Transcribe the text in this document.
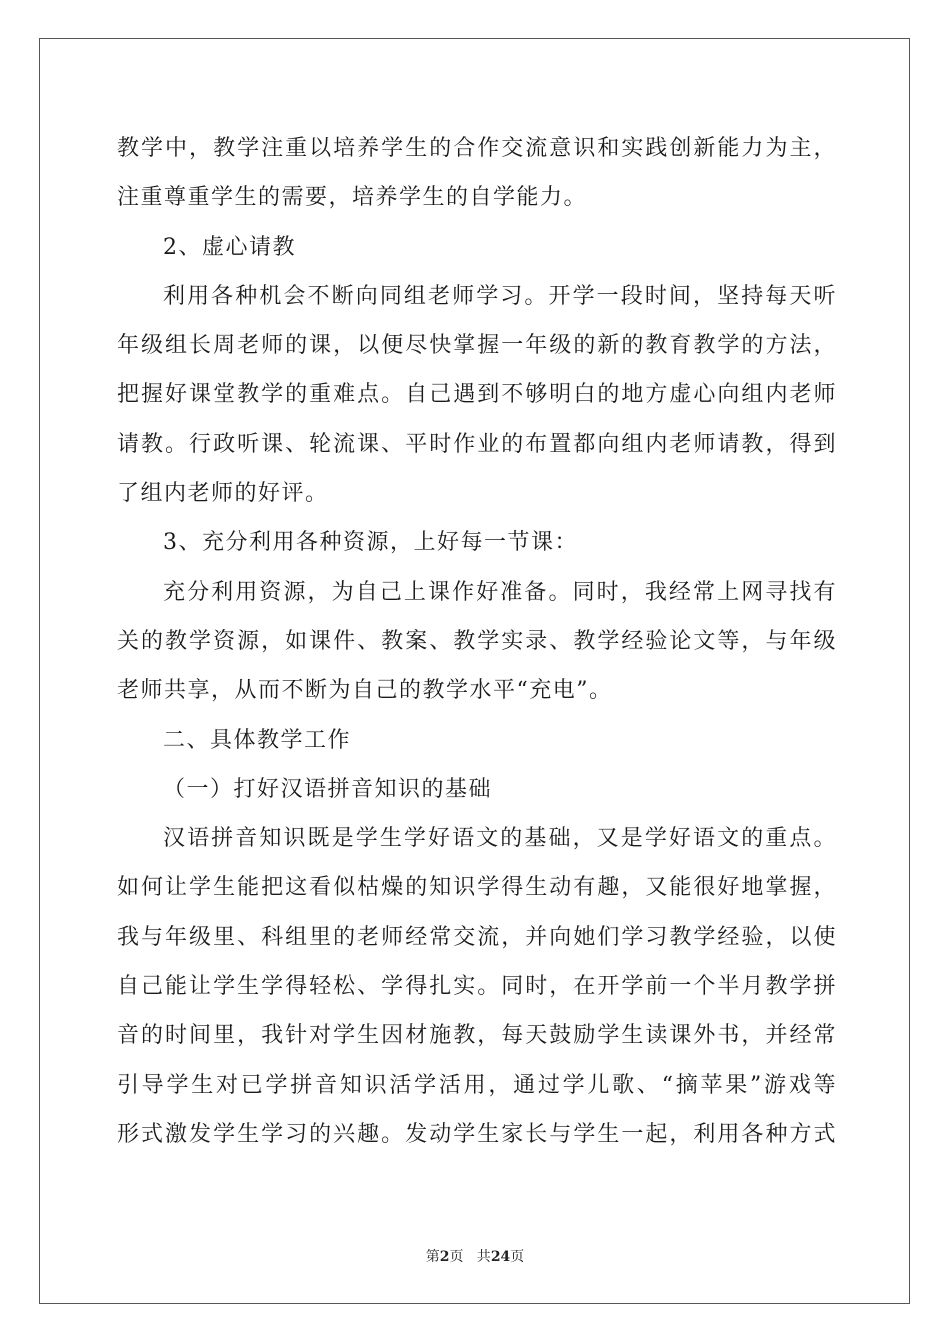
教学中，教学注重以培养学生的合作交流意识和实践创新能力为主，
注重尊重学生的需要，培养学生的自学能力。
2、虚心请教
利用各种机会不断向同组老师学习。开学一段时间，坚持每天听
年级组长周老师的课，以便尽快掌握一年级的新的教育教学的方法，
把握好课堂教学的重难点。自己遇到不够明白的地方虚心向组内老师
请教。行政听课、轮流课、平时作业的布置都向组内老师请教，得到
了组内老师的好评。
3、充分利用各种资源，上好每一节课：
充分利用资源，为自己上课作好准备。同时，我经常上网寻找有
关的教学资源，如课件、教案、教学实录、教学经验论文等，与年级
老师共享，从而不断为自己的教学水平“充电”。
二、具体教学工作
（一）打好汉语拼音知识的基础
汉语拼音知识既是学生学好语文的基础，又是学好语文的重点。
如何让学生能把这看似枯燥的知识学得生动有趣，又能很好地掌握，
我与年级里、科组里的老师经常交流，并向她们学习教学经验，以使
自己能让学生学得轻松、学得扎实。同时，在开学前一个半月教学拼
音的时间里，我针对学生因材施教，每天鼓励学生读课外书，并经常
引导学生对已学拼音知识活学活用，通过学儿歌、“摘苹果”游戏等
形式激发学生学习的兴趣。发动学生家长与学生一起，利用各种方式
第2页   共24页
